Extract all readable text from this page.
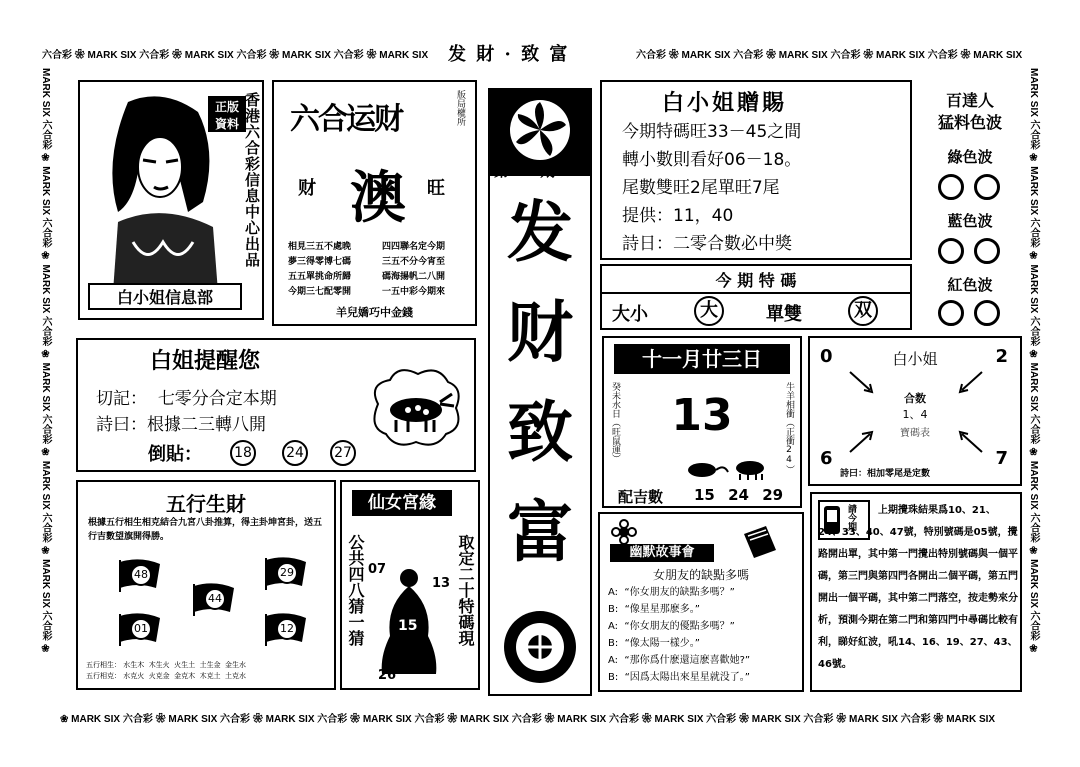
六合彩 ❀ MARK SIX 六合彩 ❀ MARK SIX 六合彩 ❀ MARK SIX 六合彩 ❀ MARK SIX	发 財 · 致 富	六合彩 ❀ MARK SIX 六合彩 ❀ MARK SIX 六合彩 ❀ MARK SIX 六合彩 ❀ MARK SIX
❀ MARK SIX 六合彩 ❀ MARK SIX 六合彩 ❀ MARK SIX 六合彩 ❀ MARK SIX 六合彩 ❀ MARK SIX 六合彩 ❀ MARK SIX 六合彩 ❀ MARK SIX 六合彩 ❀ MARK SIX 六合彩 ❀ MARK SIX 六合彩 ❀ MARK SIX
MARK SIX 六合彩 ❀ MARK SIX 六合彩 ❀ MARK SIX 六合彩 ❀ MARK SIX 六合彩 ❀ MARK SIX 六合彩 ❀ MARK SIX 六合彩 ❀	MARK SIX 六合彩 ❀ MARK SIX 六合彩 ❀ MARK SIX 六合彩 ❀ MARK SIX 六合彩 ❀ MARK SIX 六合彩 ❀ MARK SIX 六合彩 ❀
正版資料
白小姐信息部
香港六合彩信息中心出品 六合运财	版局權所
财 澳 旺
相見三五不處晚
夢三得零博七碼
五五單挑命所歸
今期三七配零開
四四聯名定今期
三五不分今宵至
碼海揚帆二八開
一五中彩今期來
羊兒嬌巧中金錢
第005期
发
财
致
富
白小姐贈賜
今期特碼旺33－45之間
轉小數則看好06－18。
尾數雙旺2尾單旺7尾
提供：11，40
詩日：二零合數必中獎
百達人
猛料色波
綠色波
藍色波
紅色波
今 期 特 碼
大小	大	單雙	双
白姐提醒您
切記： 七零分合定本期
詩曰：根據二三轉八開
倒貼： 18 24 27
十一月廿三日
癸未水日（旺鼠運）	13	牛羊相衝（正衝24）
配吉數 15 24 29
0	白小姐	2
合数
1、4
寶碼表
6	7
詩曰：相加零尾是定數
五行生財
根據五行相生相克結合九宮八卦推算，得主卦坤宮卦，送五行吉數望旗開得勝。
48	29
44
01	12
五行相生： 水生木 木生火 火生土 土生金 金生水
五行相克： 水克火 火克金 金克木 木克土 土克水
仙女宮緣
公共四八猜一猜	取定二十特碼現
07
13
15
26
幽默故事會
女朋友的缺點多嗎
A: “你女朋友的缺點多嗎？”
B: “像星星那麽多。”
A: “你女朋友的優點多嗎？”
B: “像太陽一樣少。”
A: “那你爲什麽還這麽喜歡她?”
B: “因爲太陽出來星星就没了。”
請今期	上期攪珠結果爲10、21、24、33、40、47號，特別號碼是05號，攪路開出單，其中第一門攪出特別號碼與一個平碼，第三門與第四門各開出二個平碼，第五門開出一個平碼，其中第二門落空，按走勢來分析，預測今期在第二門和第四門中尋碼比較有利，睇好紅波，吼14、16、19、27、43、46號。
